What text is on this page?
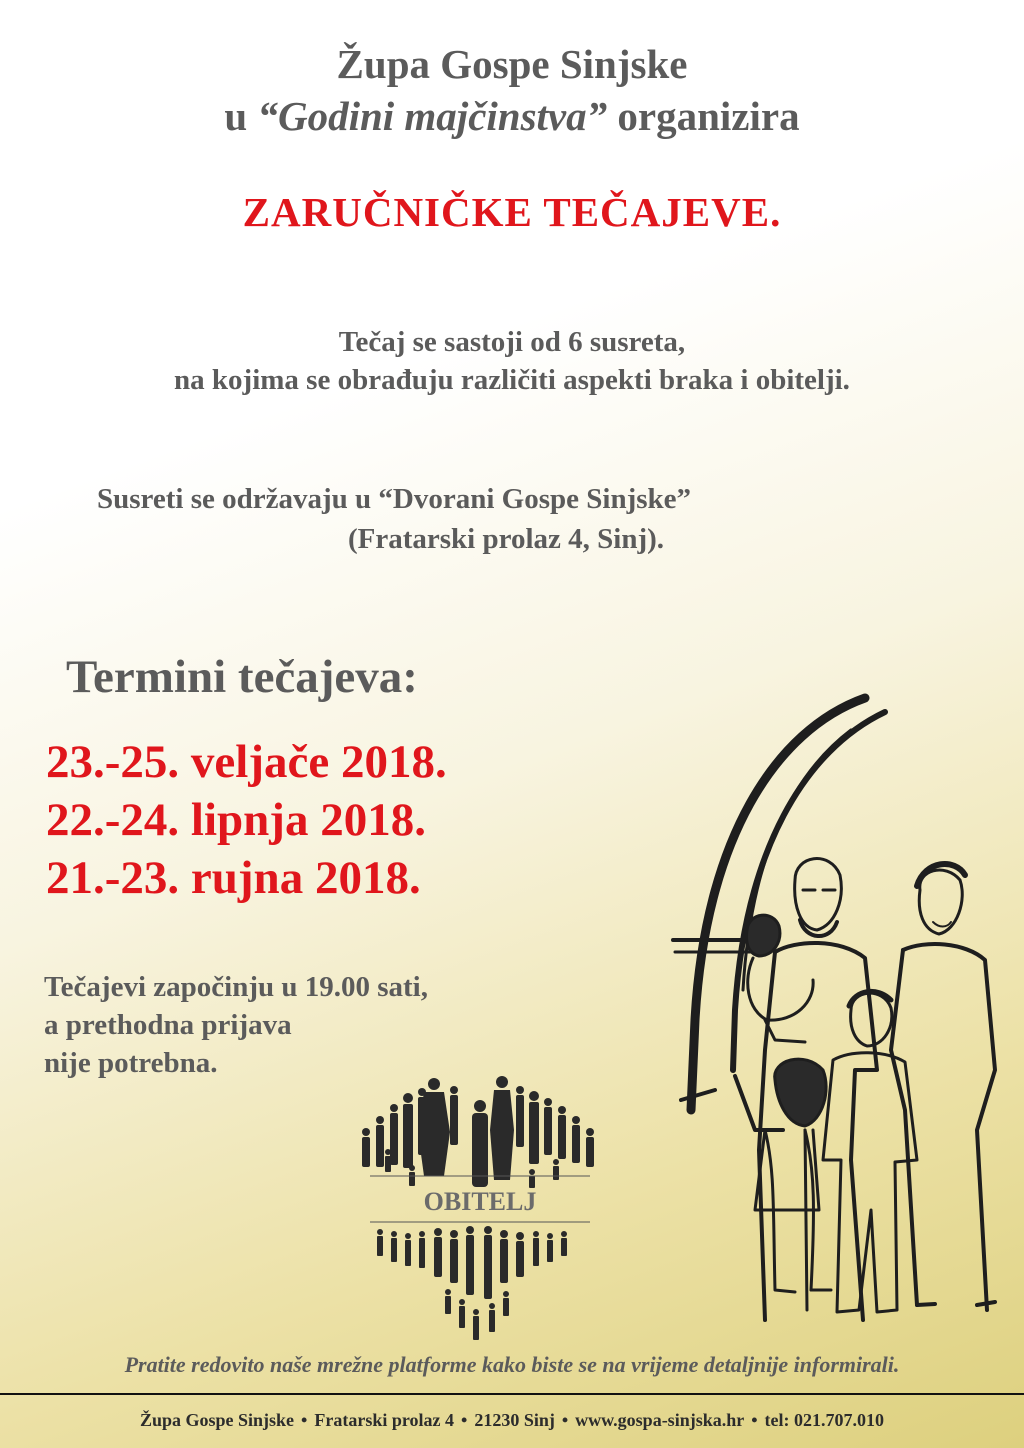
Župa Gospe Sinjske
u “Godini majčinstva” organizira
ZARUČNIČKE TEČAJEVE.
Tečaj se sastoji od 6 susreta,
na kojima se obrađuju različiti aspekti braka i obitelji.
Susreti se održavaju u “Dvorani Gospe Sinjske”
(Fratarski prolaz 4, Sinj).
Termini tečajeva:
23.-25. veljače 2018.
22.-24. lipnja 2018.
21.-23. rujna 2018.
Tečajevi započinju u 19.00 sati,
a prethodna prijava
nije potrebna.
OBITELJ
Pratite redovito naše mrežne platforme kako biste se na vrijeme detaljnije informirali.
Župa Gospe Sinjske • Fratarski prolaz 4 • 21230 Sinj • www.gospa-sinjska.hr • tel: 021.707.010
